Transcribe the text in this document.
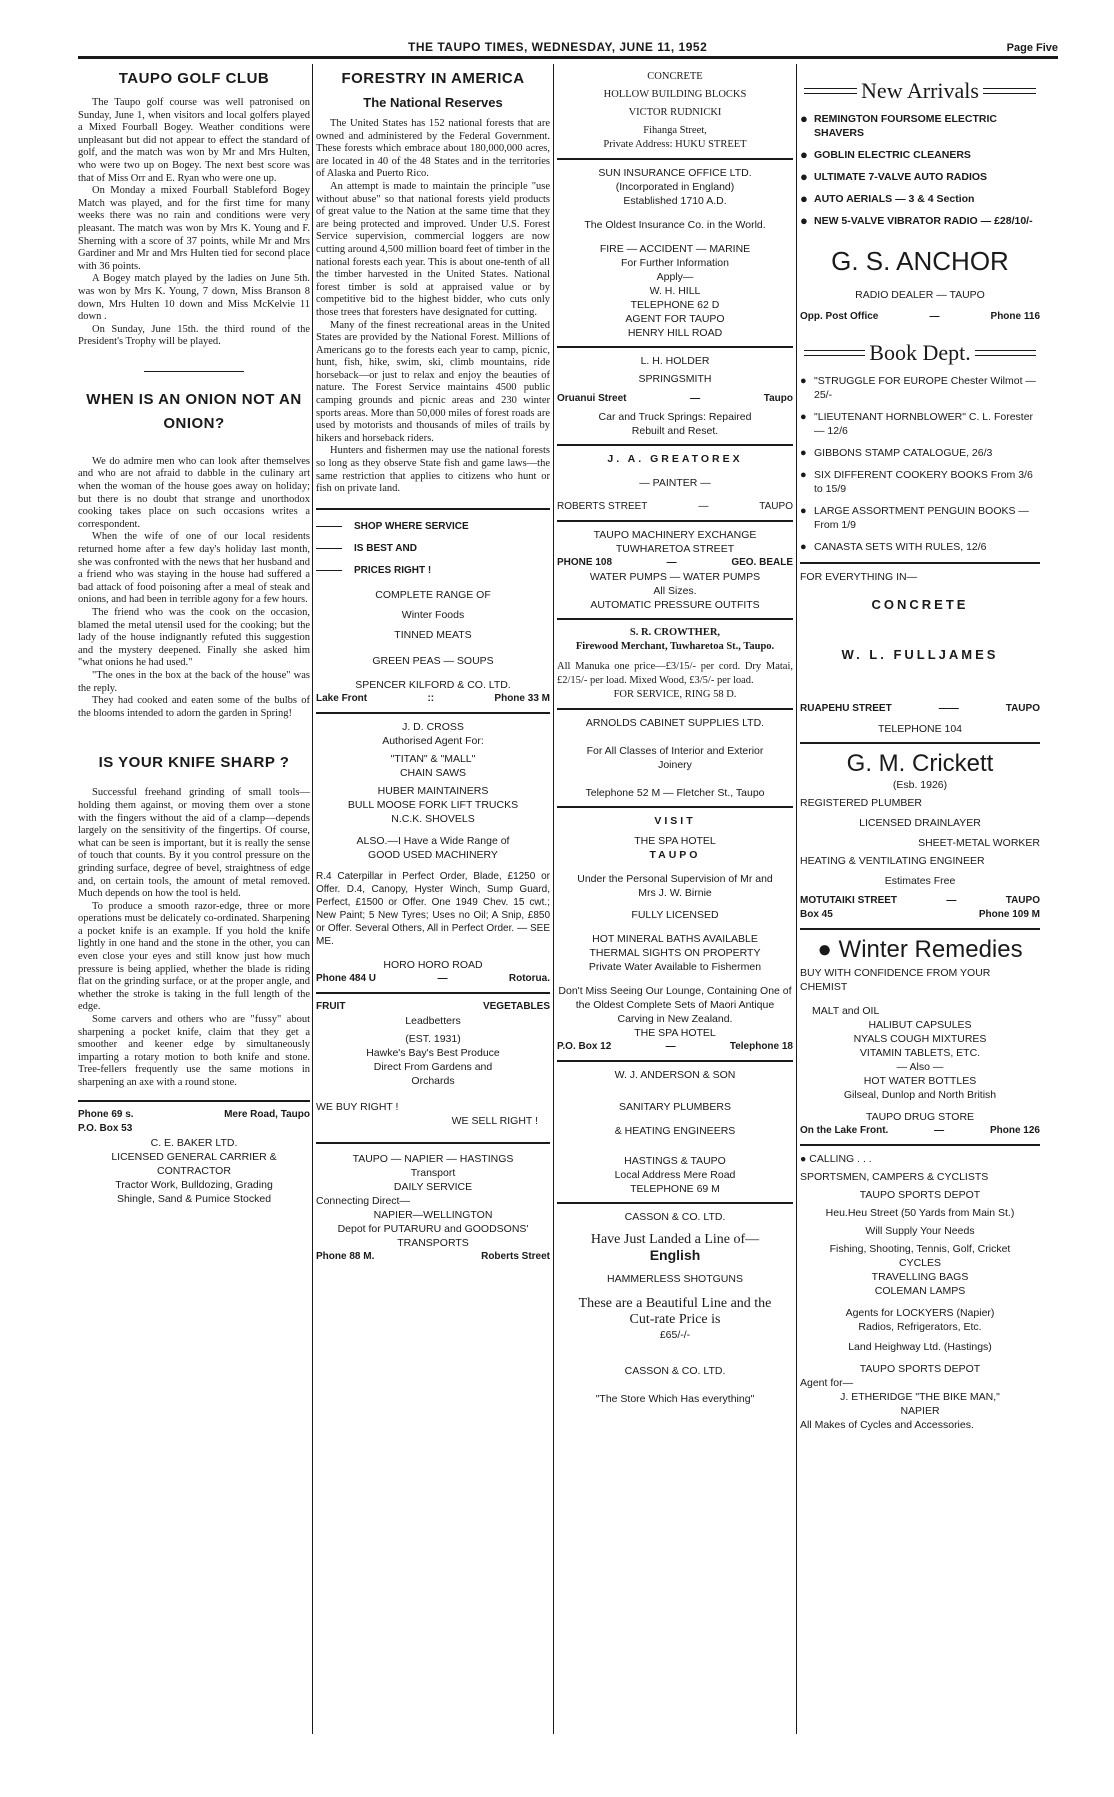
THE TAUPO TIMES, WEDNESDAY, JUNE 11, 1952	Page Five
TAUPO GOLF CLUB

The Taupo golf course was well patronised on Sunday, June 1, when visitors and local golfers played a Mixed Fourball Bogey. Weather conditions were unpleasant but did not appear to effect the standard of golf, and the match was won by Mr and Mrs Hulten, who were two up on Bogey. The next best score was that of Miss Orr and E. Ryan who were one up.

On Monday a mixed Fourball Stableford Bogey Match was played, and for the first time for many weeks there was no rain and conditions were very pleasant. The match was won by Mrs K. Young and F. Sherning with a score of 37 points, while Mr and Mrs Gardiner and Mr and Mrs Hulten tied for second place with 36 points.

A Bogey match played by the ladies on June 5th. was won by Mrs K. Young, 7 down, Miss Branson 8 down, Mrs Hulten 10 down and Miss McKelvie 11 down .

On Sunday, June 15th. the third round of the President's Trophy will be played.

WHEN IS AN ONION NOT AN ONION?

We do admire men who can look after themselves and who are not afraid to dabble in the culinary art when the woman of the house goes away on holiday; but there is no doubt that strange and unorthodox cooking takes place on such occasions writes a correspondent.

When the wife of one of our local residents returned home after a few day's holiday last month, she was confronted with the news that her husband and a friend who was staying in the house had suffered a bad attack of food poisoning after a meal of steak and onions, and had been in terrible agony for a few hours.

The friend who was the cook on the occasion, blamed the metal utensil used for the cooking; but the lady of the house indignantly refuted this suggestion and the mystery deepened. Finally she asked him "what onions he had used."

"The ones in the box at the back of the house" was the reply.

They had cooked and eaten some of the bulbs of the blooms intended to adorn the garden in Spring!

IS YOUR KNIFE SHARP ?

Successful freehand grinding of small tools—holding them against, or moving them over a stone with the fingers without the aid of a clamp—depends largely on the sensitivity of the fingertips. Of course, what can be seen is important, but it is really the sense of touch that counts. By it you control pressure on the grinding surface, degree of bevel, straightness of edge and, on certain tools, the amount of metal removed. Much depends on how the tool is held.

To produce a smooth razor-edge, three or more operations must be delicately co-ordinated. Sharpening a pocket knife is an example. If you hold the knife lightly in one hand and the stone in the other, you can even close your eyes and still know just how much pressure is being applied, whether the blade is riding flat on the grinding surface, or at the proper angle, and whether the stroke is taking in the full length of the edge.

Some carvers and others who are "fussy" about sharpening a pocket knife, claim that they get a smoother and keener edge by simultaneously imparting a rotary motion to both knife and stone. Tree-fellers frequently use the same motions in sharpening an axe with a round stone.

Phone 69 s.	Mere Road, Taupo
P.O. Box 53
C. E. BAKER LTD.
LICENSED GENERAL CARRIER &
CONTRACTOR
Tractor Work, Bulldozing, Grading
Shingle, Sand & Pumice Stocked
FORESTRY IN AMERICA
The National Reserves

The United States has 152 national forests that are owned and administered by the Federal Government. These forests which embrace about 180,000,000 acres, are located in 40 of the 48 States and in the territories of Alaska and Puerto Rico.

An attempt is made to maintain the principle "use without abuse" so that national forests yield products of great value to the Nation at the same time that they are being protected and improved. Under U.S. Forest Service supervision, commercial loggers are now cutting around 4,500 million board feet of timber in the national forests each year. This is about one-tenth of all the timber harvested in the United States. National forest timber is sold at appraised value or by competitive bid to the highest bidder, who cuts only those trees that foresters have designated for cutting.

Many of the finest recreational areas in the United States are provided by the National Forest. Millions of Americans go to the forests each year to camp, picnic, hunt, fish, hike, swim, ski, climb mountains, ride horseback—or just to relax and enjoy the beauties of nature. The Forest Service maintains 4500 public camping grounds and picnic areas and 230 winter sports areas. More than 50,000 miles of forest roads are used by motorists and thousands of miles of trails by hikers and horseback riders.

Hunters and fishermen may use the national forests so long as they observe State fish and game laws—the same restriction that applies to citizens who hunt or fish on private land.

SHOP WHERE SERVICE
IS BEST AND
PRICES RIGHT !
COMPLETE RANGE OF
Winter Foods
TINNED MEATS
GREEN PEAS — SOUPS
SPENCER KILFORD & CO. LTD.
Lake Front	::	Phone 33 M
J. D. CROSS
Authorised Agent For:
"TITAN" & "MALL"
CHAIN SAWS
HUBER MAINTAINERS
BULL MOOSE FORK LIFT TRUCKS
N.C.K. SHOVELS
ALSO.—I Have a Wide Range of
GOOD USED MACHINERY
R.4 Caterpillar in Perfect Order, Blade, £1250 or Offer. D.4, Canopy, Hyster Winch, Sump Guard, Perfect, £1500 or Offer. One 1949 Chev. 15 cwt.; New Paint; 5 New Tyres; Uses no Oil; A Snip, £850 or Offer. Several Others, All in Perfect Order. — SEE ME.
HORO HORO ROAD
Phone 484 U	—	Rotorua.
FRUIT	VEGETABLES
Leadbetters
(EST. 1931)
Hawke's Bay's Best Produce
Direct From Gardens and
Orchards
WE BUY RIGHT !
WE SELL RIGHT !
TAUPO — NAPIER — HASTINGS
Transport
DAILY SERVICE
Connecting Direct—
NAPIER—WELLINGTON
Depot for PUTARURU and GOODSONS'
TRANSPORTS
Phone 88 M.	Roberts Street
CONCRETE
HOLLOW BUILDING BLOCKS
VICTOR RUDNICKI
Fihanga Street,
Private Address: HUKU STREET
SUN INSURANCE OFFICE LTD.
(Incorporated in England)
Established 1710 A.D.
The Oldest Insurance Co. in the World.
FIRE — ACCIDENT — MARINE
For Further Information
Apply—
W. H. HILL
TELEPHONE 62 D
AGENT FOR TAUPO
HENRY HILL ROAD
L. H. HOLDER
SPRINGSMITH
Oruanui Street	—	Taupo
Car and Truck Springs: Repaired
Rebuilt and Reset.
J. A. GREATOREX
— PAINTER —
ROBERTS STREET	—	TAUPO
TAUPO MACHINERY EXCHANGE
TUWHARETOA STREET
PHONE 108	—	GEO. BEALE
WATER PUMPS — WATER PUMPS
All Sizes.
AUTOMATIC PRESSURE OUTFITS
S. R. CROWTHER,
Firewood Merchant, Tuwharetoa St., Taupo.
All Manuka one price—£3/15/- per cord. Dry Matai, £2/15/- per load. Mixed Wood, £3/5/- per load.
FOR SERVICE, RING 58 D.
ARNOLDS CABINET SUPPLIES LTD.
For All Classes of Interior and Exterior Joinery
Telephone 52 M — Fletcher St., Taupo
VISIT
THE SPA HOTEL
TAUPO
Under the Personal Supervision of Mr and Mrs J. W. Birnie
FULLY LICENSED
HOT MINERAL BATHS AVAILABLE
THERMAL SIGHTS ON PROPERTY
Private Water Available to Fishermen
Don't Miss Seeing Our Lounge, Containing One of the Oldest Complete Sets of Maori Antique Carving in New Zealand.
THE SPA HOTEL
P.O. Box 12	—	Telephone 18
W. J. ANDERSON & SON
SANITARY PLUMBERS
& HEATING ENGINEERS
HASTINGS & TAUPO
Local Address Mere Road
TELEPHONE 69 M
CASSON & CO. LTD.
Have Just Landed a Line of—
English
HAMMERLESS SHOTGUNS
These are a Beautiful Line and the Cut-rate Price is
£65/-/-
CASSON & CO. LTD.
"The Store Which Has everything"
New Arrivals
● REMINGTON FOURSOME ELECTRIC SHAVERS
● GOBLIN ELECTRIC CLEANERS
● ULTIMATE 7-VALVE AUTO RADIOS
● AUTO AERIALS — 3 & 4 Section
● NEW 5-VALVE VIBRATOR RADIO — £28/10/-
G. S. ANCHOR
RADIO DEALER — TAUPO
Opp. Post Office	—	Phone 116
Book Dept.
● "STRUGGLE FOR EUROPE Chester Wilmot — 25/-
● "LIEUTENANT HORNBLOWER" C. L. Forester — 12/6
● GIBBONS STAMP CATALOGUE, 26/3
● SIX DIFFERENT COOKERY BOOKS From 3/6 to 15/9
● LARGE ASSORTMENT PENGUIN BOOKS — From 1/9
● CANASTA SETS WITH RULES, 12/6
FOR EVERYTHING IN—
CONCRETE
W. L. FULLJAMES
RUAPEHU STREET	——	TAUPO
TELEPHONE 104
G. M. Crickett
(Esb. 1926)
REGISTERED PLUMBER
LICENSED DRAINLAYER
SHEET-METAL WORKER
HEATING & VENTILATING ENGINEER
Estimates Free
MOTUTAIKI STREET	—	TAUPO
Box 45	Phone 109 M
● Winter Remedies
BUY WITH CONFIDENCE FROM YOUR CHEMIST
MALT and OIL
HALIBUT CAPSULES
NYALS COUGH MIXTURES
VITAMIN TABLETS, ETC.
— Also —
HOT WATER BOTTLES
Gilseal, Dunlop and North British
TAUPO DRUG STORE
On the Lake Front.	—	Phone 126
● CALLING . . .
SPORTSMEN, CAMPERS & CYCLISTS
TAUPO SPORTS DEPOT
Heu.Heu Street (50 Yards from Main St.)
Will Supply Your Needs
Fishing, Shooting, Tennis, Golf, Cricket
CYCLES
TRAVELLING BAGS
COLEMAN LAMPS
Agents for LOCKYERS (Napier)
Radios, Refrigerators, Etc.
Land Heighway Ltd. (Hastings)
TAUPO SPORTS DEPOT
Agent for—
J. ETHERIDGE "THE BIKE MAN,"
NAPIER
All Makes of Cycles and Accessories.
